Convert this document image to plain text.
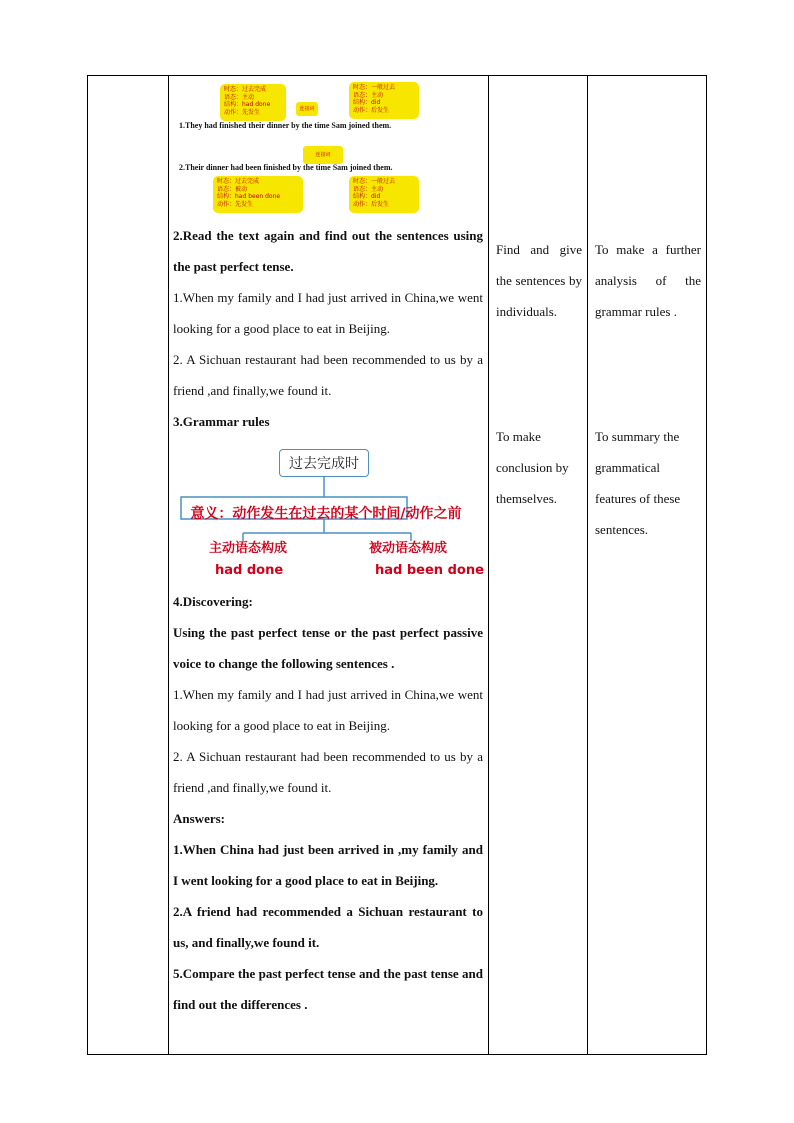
时态：过去完成
语态：主动
结构：had done
动作：先发生	连接词
时态：一般过去
语态：主动
结构：did
动作：后发生
1.They had finished their dinner by the time Sam joined them.
连接词
2.Their dinner had been finished by the time Sam joined them.
时态：过去完成
语态：被动
结构：had been done
动作：先发生
时态：一般过去
语态：主动
结构：did
动作：后发生

2.Read the text again and find out the sentences using the past perfect tense.

1.When my family and I had just arrived in China,we went looking for a good place to eat in Beijing.

2. A Sichuan restaurant had been recommended to us by a friend ,and finally,we found it.

3.Grammar rules

过去完成时
意义：动作发生在过去的某个时间/动作之前
主动语态构成
had done
被动语态构成
had been done

4.Discovering:

Using the past perfect tense or the past perfect passive voice to change the following sentences .

1.When my family and I had just arrived in China,we went looking for a good place to eat in Beijing.

2. A Sichuan restaurant had been recommended to us by a friend ,and finally,we found it.

Answers:

1.When China had just been arrived in ,my family and I went looking for a good place to eat in Beijing.

2.A friend had recommended a Sichuan restaurant to us, and finally,we found it.

5.Compare the past perfect tense and the past tense and find out the differences .

Find and give the sentences by individuals.
To make conclusion by themselves.
To make a further analysis of the grammar rules .
To summary the grammatical features of these sentences.
